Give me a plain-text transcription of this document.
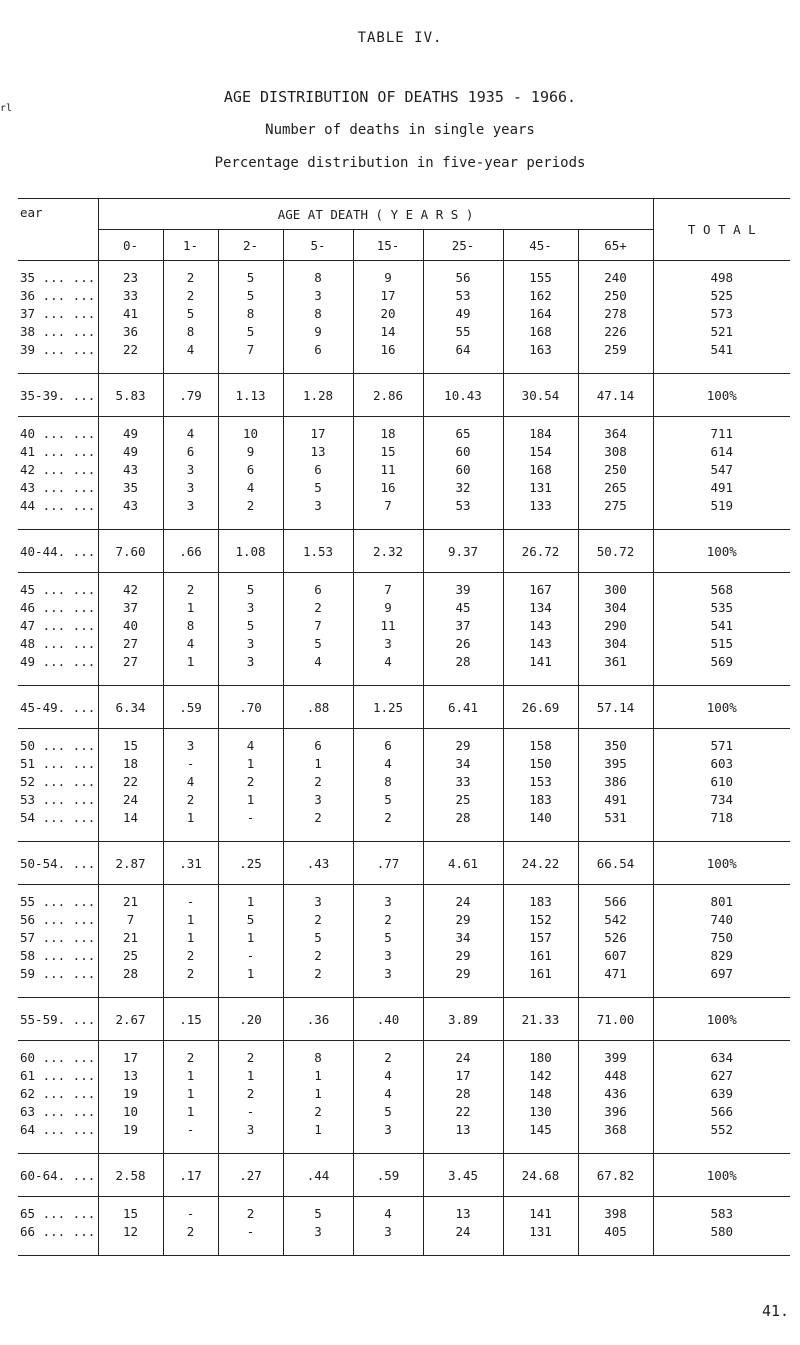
TABLE IV.
AGE DISTRIBUTION OF DEATHS 1935 - 1966.
Number of deaths in single years
Percentage distribution in five-year periods
rl
ear	AGE AT DEATH ( Y E A R S )								T O T A L
	0-	1-	2-	5-	15-	25-	45-	65+	
35 ... ...	23	2	5	8	9	56	155	240	498
36 ... ...	33	2	5	3	17	53	162	250	525
37 ... ...	41	5	8	8	20	49	164	278	573
38 ... ...	36	8	5	9	14	55	168	226	521
39 ... ...	22	4	7	6	16	64	163	259	541
35-39. ...	5.83	.79	1.13	1.28	2.86	10.43	30.54	47.14	100%
40 ... ...	49	4	10	17	18	65	184	364	711
41 ... ...	49	6	9	13	15	60	154	308	614
42 ... ...	43	3	6	6	11	60	168	250	547
43 ... ...	35	3	4	5	16	32	131	265	491
44 ... ...	43	3	2	3	7	53	133	275	519
40-44. ...	7.60	.66	1.08	1.53	2.32	9.37	26.72	50.72	100%
45 ... ...	42	2	5	6	7	39	167	300	568
46 ... ...	37	1	3	2	9	45	134	304	535
47 ... ...	40	8	5	7	11	37	143	290	541
48 ... ...	27	4	3	5	3	26	143	304	515
49 ... ...	27	1	3	4	4	28	141	361	569
45-49. ...	6.34	.59	.70	.88	1.25	6.41	26.69	57.14	100%
50 ... ...	15	3	4	6	6	29	158	350	571
51 ... ...	18	-	1	1	4	34	150	395	603
52 ... ...	22	4	2	2	8	33	153	386	610
53 ... ...	24	2	1	3	5	25	183	491	734
54 ... ...	14	1	-	2	2	28	140	531	718
50-54. ...	2.87	.31	.25	.43	.77	4.61	24.22	66.54	100%
55 ... ...	21	-	1	3	3	24	183	566	801
56 ... ...	7	1	5	2	2	29	152	542	740
57 ... ...	21	1	1	5	5	34	157	526	750
58 ... ...	25	2	-	2	3	29	161	607	829
59 ... ...	28	2	1	2	3	29	161	471	697
55-59. ...	2.67	.15	.20	.36	.40	3.89	21.33	71.00	100%
60 ... ...	17	2	2	8	2	24	180	399	634
61 ... ...	13	1	1	1	4	17	142	448	627
62 ... ...	19	1	2	1	4	28	148	436	639
63 ... ...	10	1	-	2	5	22	130	396	566
64 ... ...	19	-	3	1	3	13	145	368	552
60-64. ...	2.58	.17	.27	.44	.59	3.45	24.68	67.82	100%
65 ... ...	15	-	2	5	4	13	141	398	583
66 ... ...	12	2	-	3	3	24	131	405	580
41.
